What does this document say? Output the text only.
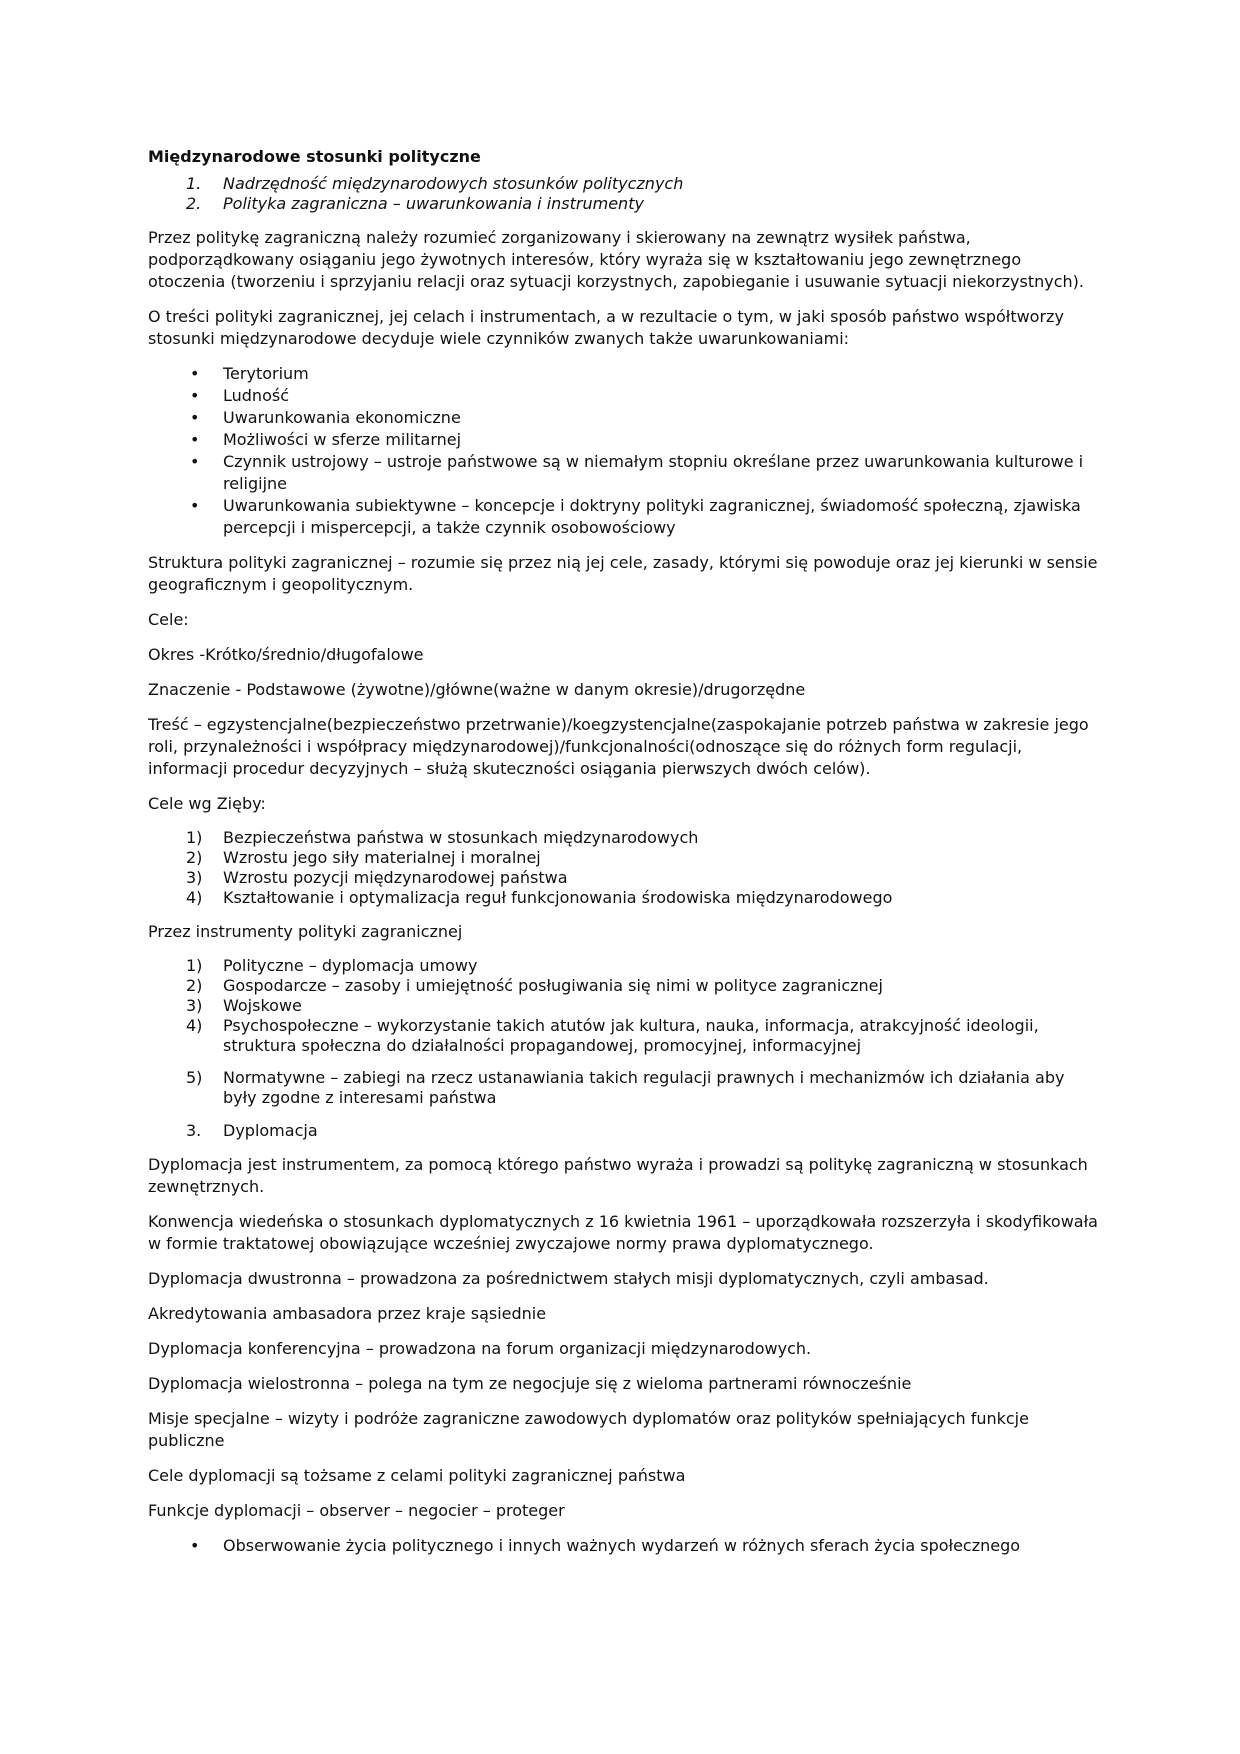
Międzynarodowe stosunki polityczne
1. Nadrzędność międzynarodowych stosunków politycznych
2. Polityka zagraniczna – uwarunkowania i instrumenty

Przez politykę zagraniczną należy rozumieć zorganizowany i skierowany na zewnątrz wysiłek państwa, podporządkowany osiąganiu jego żywotnych interesów, który wyraża się w kształtowaniu jego zewnętrznego otoczenia (tworzeniu i sprzyjaniu relacji oraz sytuacji korzystnych, zapobieganie i usuwanie sytuacji niekorzystnych).

O treści polityki zagranicznej, jej celach i instrumentach, a w rezultacie o tym, w jaki sposób państwo współtworzy stosunki międzynarodowe decyduje wiele czynników zwanych także uwarunkowaniami:

• Terytorium
• Ludność
• Uwarunkowania ekonomiczne
• Możliwości w sferze militarnej
• Czynnik ustrojowy – ustroje państwowe są w niemałym stopniu określane przez uwarunkowania kulturowe i religijne
• Uwarunkowania subiektywne – koncepcje i doktryny polityki zagranicznej, świadomość społeczną, zjawiska percepcji i mispercepcji, a także czynnik osobowościowy

Struktura polityki zagranicznej – rozumie się przez nią jej cele, zasady, którymi się powoduje oraz jej kierunki w sensie geograficznym i geopolitycznym.

Cele:

Okres -Krótko/średnio/długofalowe

Znaczenie - Podstawowe (żywotne)/główne(ważne w danym okresie)/drugorzędne

Treść – egzystencjalne(bezpieczeństwo przetrwanie)/koegzystencjalne(zaspokajanie potrzeb państwa w zakresie jego roli, przynależności i współpracy międzynarodowej)/funkcjonalności(odnoszące się do różnych form regulacji, informacji procedur decyzyjnych – służą skuteczności osiągania pierwszych dwóch celów).

Cele wg Zięby:

1) Bezpieczeństwa państwa w stosunkach międzynarodowych
2) Wzrostu jego siły materialnej i moralnej
3) Wzrostu pozycji międzynarodowej państwa
4) Kształtowanie i optymalizacja reguł funkcjonowania środowiska międzynarodowego

Przez instrumenty polityki zagranicznej

1) Polityczne – dyplomacja umowy
2) Gospodarcze – zasoby i umiejętność posługiwania się nimi w polityce zagranicznej
3) Wojskowe
4) Psychospołeczne – wykorzystanie takich atutów jak kultura, nauka, informacja, atrakcyjność ideologii, struktura społeczna do działalności propagandowej, promocyjnej, informacyjnej
5) Normatywne – zabiegi na rzecz ustanawiania takich regulacji prawnych i mechanizmów ich działania aby były zgodne z interesami państwa
3. Dyplomacja

Dyplomacja jest instrumentem, za pomocą którego państwo wyraża i prowadzi są politykę zagraniczną w stosunkach zewnętrznych.

Konwencja wiedeńska o stosunkach dyplomatycznych z 16 kwietnia 1961 – uporządkowała rozszerzyła i skodyfikowała w formie traktatowej obowiązujące wcześniej zwyczajowe normy prawa dyplomatycznego.

Dyplomacja dwustronna – prowadzona za pośrednictwem stałych misji dyplomatycznych, czyli ambasad.

Akredytowania ambasadora przez kraje sąsiednie

Dyplomacja konferencyjna – prowadzona na forum organizacji międzynarodowych.

Dyplomacja wielostronna – polega na tym ze negocjuje się z wieloma partnerami równocześnie

Misje specjalne – wizyty i podróże zagraniczne zawodowych dyplomatów oraz polityków spełniających funkcje publiczne

Cele dyplomacji są tożsame z celami polityki zagranicznej państwa

Funkcje dyplomacji – observer – negocier – proteger

• Obserwowanie życia politycznego i innych ważnych wydarzeń w różnych sferach życia społecznego
